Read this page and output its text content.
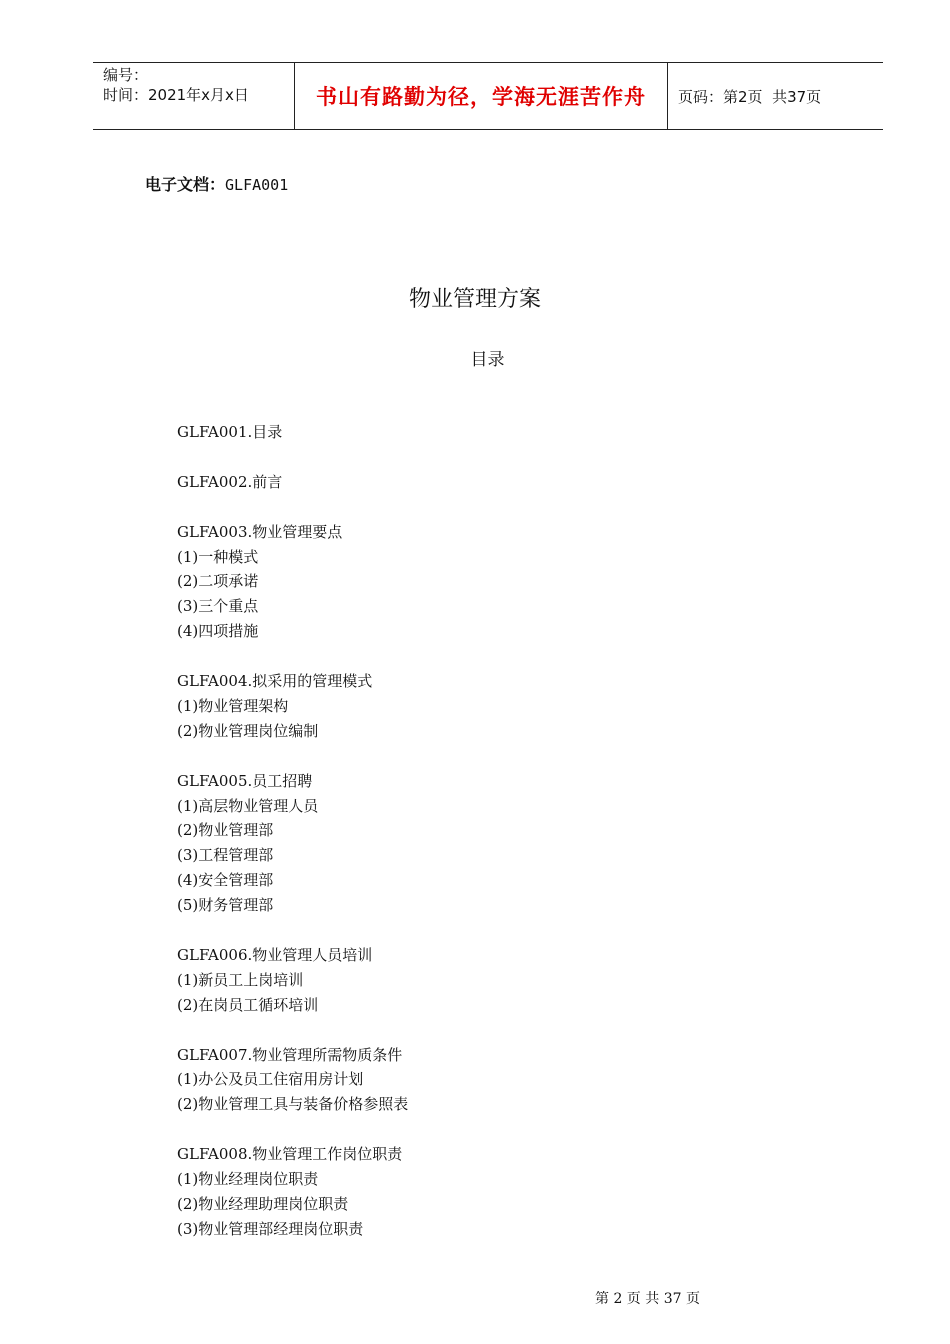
编号：
时间：2021年x月x日	书山有路勤为径，学海无涯苦作舟	页码：第2页  共37页
电子文档：GLFA001
物业管理方案
目录
GLFA001.目录
GLFA002.前言
GLFA003.物业管理要点
(1)一种模式
(2)二项承诺
(3)三个重点
(4)四项措施
GLFA004.拟采用的管理模式
(1)物业管理架构
(2)物业管理岗位编制
GLFA005.员工招聘
(1)高层物业管理人员
(2)物业管理部
(3)工程管理部
(4)安全管理部
(5)财务管理部
GLFA006.物业管理人员培训
(1)新员工上岗培训
(2)在岗员工循环培训
GLFA007.物业管理所需物质条件
(1)办公及员工住宿用房计划
(2)物业管理工具与装备价格参照表
GLFA008.物业管理工作岗位职责
(1)物业经理岗位职责
(2)物业经理助理岗位职责
(3)物业管理部经理岗位职责
第 2 页 共 37 页
